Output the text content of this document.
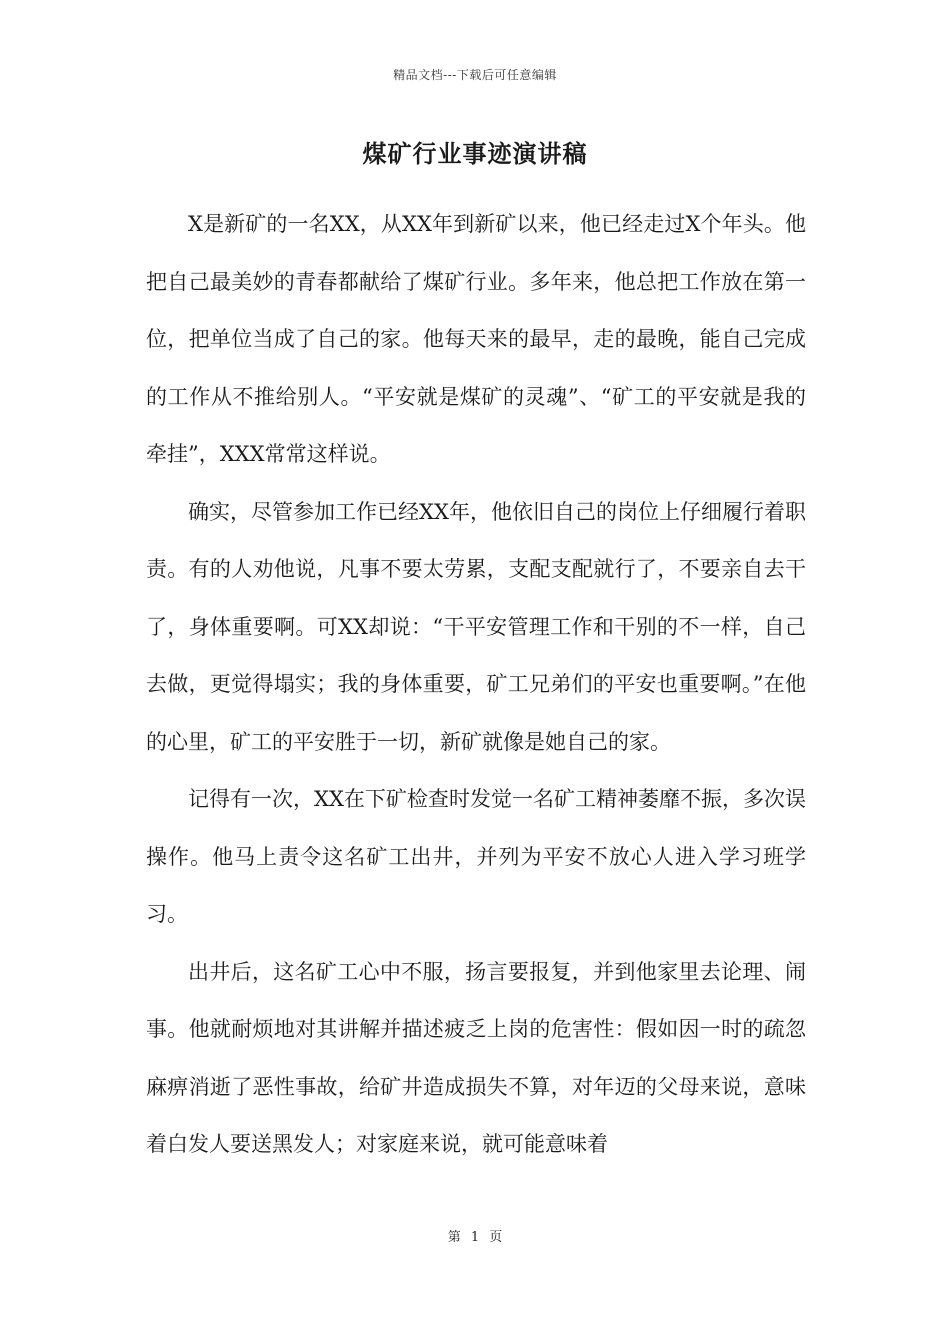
精品文档---下载后可任意编辑
煤矿行业事迹演讲稿

X是新矿的一名XX，从XX年到新矿以来，他已经走过X个年头。他把自己最美妙的青春都献给了煤矿行业。多年来，他总把工作放在第一位，把单位当成了自己的家。他每天来的最早，走的最晚，能自己完成的工作从不推给别人。“平安就是煤矿的灵魂”、“矿工的平安就是我的牵挂”，XXX常常这样说。

确实，尽管参加工作已经XX年，他依旧自己的岗位上仔细履行着职责。有的人劝他说，凡事不要太劳累，支配支配就行了，不要亲自去干了，身体重要啊。可XX却说：“干平安管理工作和干别的不一样，自己去做，更觉得塌实；我的身体重要，矿工兄弟们的平安也重要啊。”在他的心里，矿工的平安胜于一切，新矿就像是她自己的家。

记得有一次，XX在下矿检查时发觉一名矿工精神萎靡不振，多次误操作。他马上责令这名矿工出井，并列为平安不放心人进入学习班学习。

出井后，这名矿工心中不服，扬言要报复，并到他家里去论理、闹事。他就耐烦地对其讲解并描述疲乏上岗的危害性：假如因一时的疏忽麻痹消逝了恶性事故，给矿井造成损失不算，对年迈的父母来说，意味着白发人要送黑发人；对家庭来说，就可能意味着

第 1 页
